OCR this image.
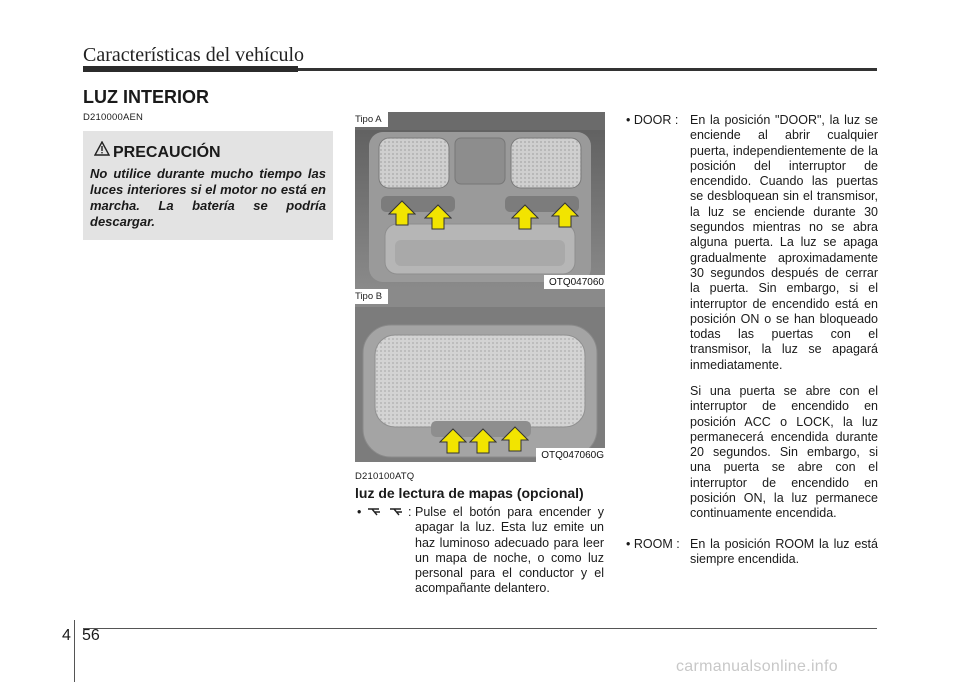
Características del vehículo
LUZ INTERIOR
D210000AEN
PRECAUCIÓN
No utilice durante mucho tiempo las luces interiores si el motor no está en marcha. La batería se podría descargar.
Tipo A
OTQ047060
Tipo B
OTQ047060G
D210100ATQ
luz de lectura de mapas (opcional)
•	: Pulse el botón para encender y apagar la luz. Esta luz emite un haz luminoso adecuado para leer un mapa de noche, o como luz personal para el conductor y el acompañante delantero.
• DOOR : En la posición "DOOR", la luz se enciende al abrir cualquier puerta, independientemente de la posición del interruptor de encendido. Cuando las puertas se desbloquean sin el transmisor, la luz se enciende durante 30 segundos mientras no se abra alguna puerta. La luz se apaga gradualmente aproximadamente 30 segundos después de cerrar la puerta. Sin embargo, si el interruptor de encendido está en posición ON o se han bloqueado todas las puertas con el transmisor, la luz se apagará inmediatamente.
Si una puerta se abre con el interruptor de encendido en posición ACC o LOCK, la luz permanecerá encendida durante 20 segundos. Sin embargo, si una puerta se abre con el interruptor de encendido en posición ON, la luz permanece continuamente encendida.
• ROOM : En la posición ROOM la luz está siempre encendida.
4 56
carmanualsonline.info
